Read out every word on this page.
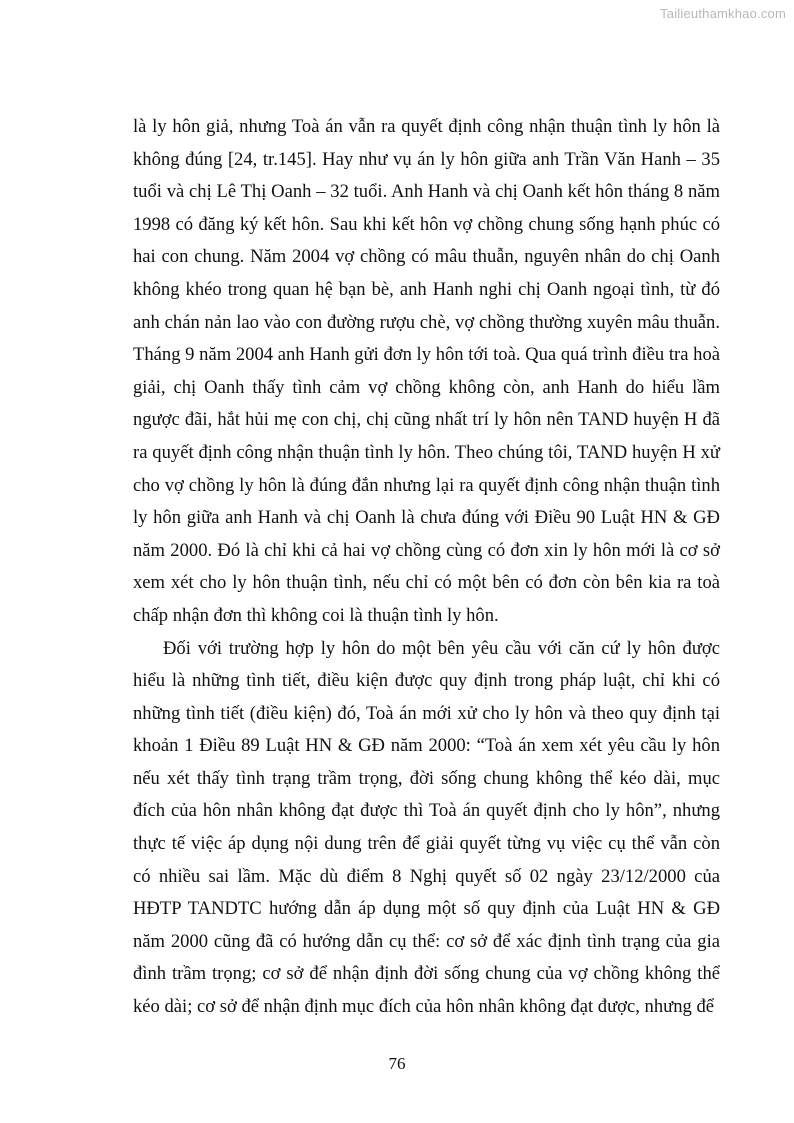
Tailieuthamkhao.com

là ly hôn giả, nhưng Toà án vẫn ra quyết định công nhận thuận tình ly hôn là không đúng [24, tr.145]. Hay như vụ án ly hôn giữa anh Trần Văn Hanh – 35 tuổi và chị Lê Thị Oanh – 32 tuổi. Anh Hanh và chị Oanh kết hôn tháng 8 năm 1998 có đăng ký kết hôn. Sau khi kết hôn vợ chồng chung sống hạnh phúc có hai con chung. Năm 2004 vợ chồng có mâu thuẫn, nguyên nhân do chị Oanh không khéo trong quan hệ bạn bè, anh Hanh nghi chị Oanh ngoại tình, từ đó anh chán nản lao vào con đường rượu chè, vợ chồng thường xuyên mâu thuẫn. Tháng 9 năm 2004 anh Hanh gửi đơn ly hôn tới toà. Qua quá trình điều tra hoà giải, chị Oanh thấy tình cảm vợ chồng không còn, anh Hanh do hiểu lầm ngược đãi, hắt hủi mẹ con chị, chị cũng nhất trí ly hôn nên TAND huyện H đã ra quyết định công nhận thuận tình ly hôn. Theo chúng tôi, TAND huyện H xử cho vợ chồng ly hôn là đúng đắn nhưng lại ra quyết định công nhận thuận tình ly hôn giữa anh Hanh và chị Oanh là chưa đúng với Điều 90 Luật HN & GĐ năm 2000. Đó là chỉ khi cả hai vợ chồng cùng có đơn xin ly hôn mới là cơ sở xem xét cho ly hôn thuận tình, nếu chỉ có một bên có đơn còn bên kia ra toà chấp nhận đơn thì không coi là thuận tình ly hôn.

Đối với trường hợp ly hôn do một bên yêu cầu với căn cứ ly hôn được hiểu là những tình tiết, điều kiện được quy định trong pháp luật, chỉ khi có những tình tiết (điều kiện) đó, Toà án mới xử cho ly hôn và theo quy định tại khoản 1 Điều 89 Luật HN & GĐ năm 2000: “Toà án xem xét yêu cầu ly hôn nếu xét thấy tình trạng trầm trọng, đời sống chung không thể kéo dài, mục đích của hôn nhân không đạt được thì Toà án quyết định cho ly hôn”, nhưng thực tế việc áp dụng nội dung trên để giải quyết từng vụ việc cụ thể vẫn còn có nhiều sai lầm. Mặc dù điểm 8 Nghị quyết số 02 ngày 23/12/2000 của HĐTP TANDTC hướng dẫn áp dụng một số quy định của Luật HN & GĐ năm 2000 cũng đã có hướng dẫn cụ thể: cơ sở để xác định tình trạng của gia đình trầm trọng; cơ sở để nhận định đời sống chung của vợ chồng không thể kéo dài; cơ sở để nhận định mục đích của hôn nhân không đạt được, nhưng để

76
